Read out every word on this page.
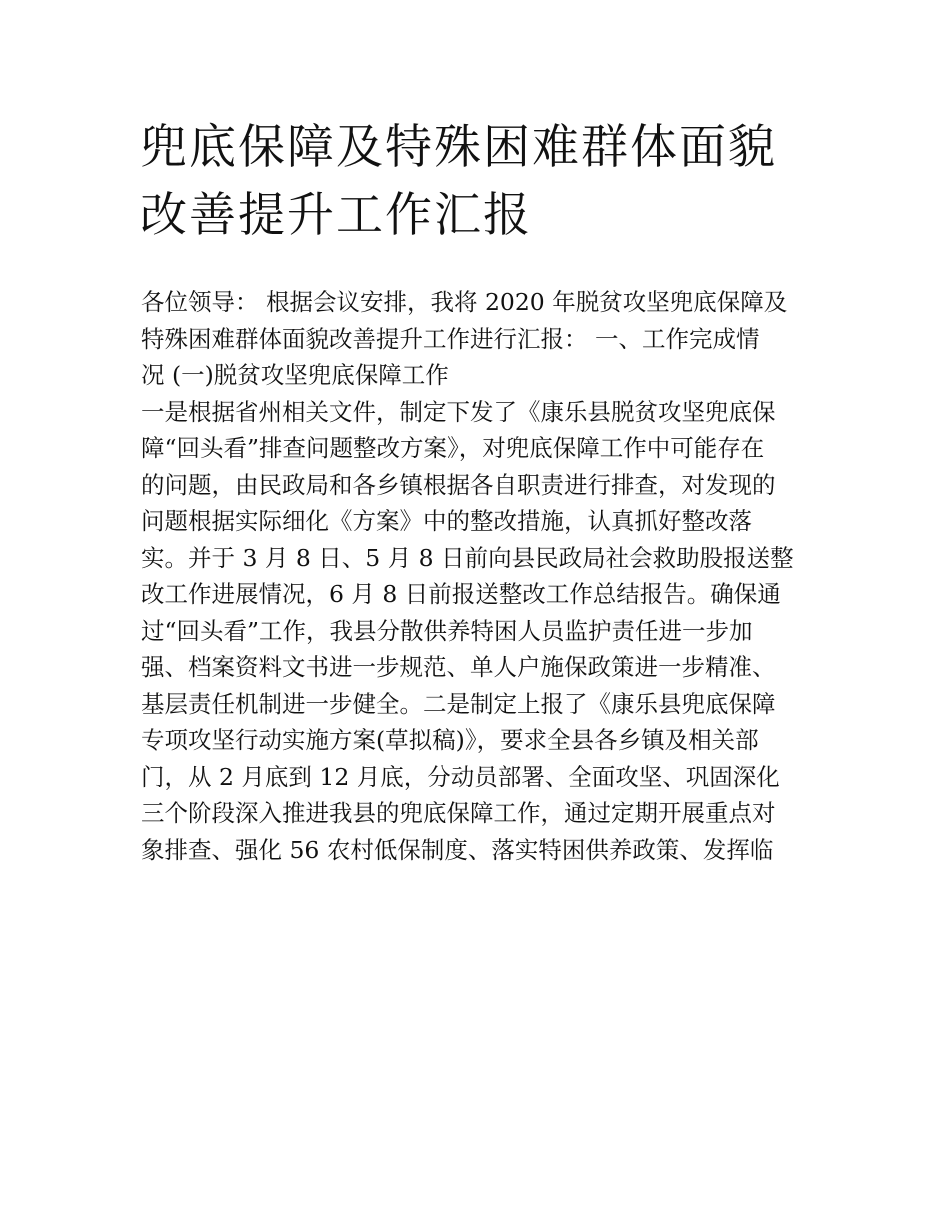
兜底保障及特殊困难群体面貌
改善提升工作汇报
各位领导： 根据会议安排，我将 2020 年脱贫攻坚兜底保障及
特殊困难群体面貌改善提升工作进行汇报： 一、工作完成情
况 (一)脱贫攻坚兜底保障工作
一是根据省州相关文件，制定下发了《康乐县脱贫攻坚兜底保
障“回头看”排查问题整改方案》，对兜底保障工作中可能存在
的问题，由民政局和各乡镇根据各自职责进行排查，对发现的
问题根据实际细化《方案》中的整改措施，认真抓好整改落
实。并于 3 月 8 日、5 月 8 日前向县民政局社会救助股报送整
改工作进展情况，6 月 8 日前报送整改工作总结报告。确保通
过“回头看”工作，我县分散供养特困人员监护责任进一步加
强、档案资料文书进一步规范、单人户施保政策进一步精准、
基层责任机制进一步健全。二是制定上报了《康乐县兜底保障
专项攻坚行动实施方案(草拟稿)》，要求全县各乡镇及相关部
门，从 2 月底到 12 月底，分动员部署、全面攻坚、巩固深化
三个阶段深入推进我县的兜底保障工作，通过定期开展重点对
象排查、强化 56 农村低保制度、落实特困供养政策、发挥临
